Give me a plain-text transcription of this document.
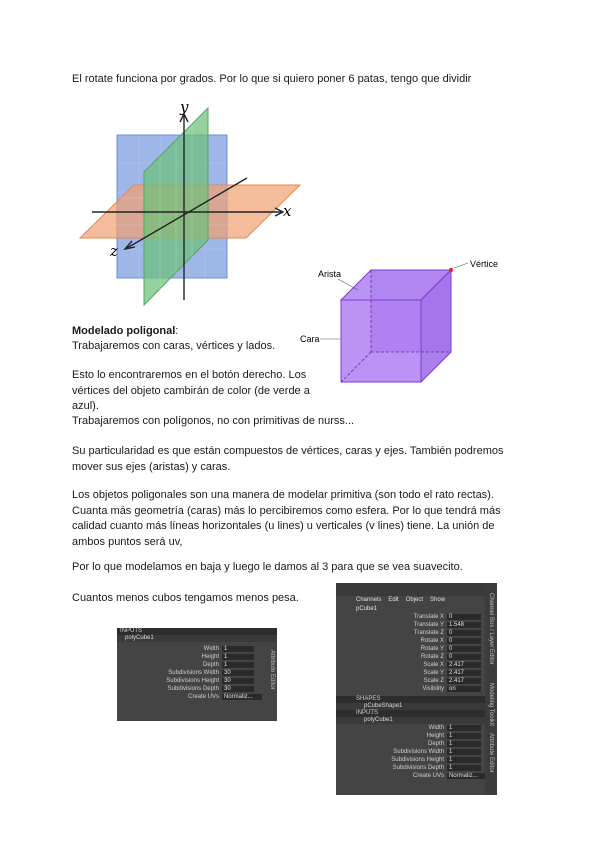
El rotate funciona por grados. Por lo que si quiero poner 6 patas, tengo que dividir

y
x
z
Arista
Vértice
Cara

Modelado poligonal:

Trabajaremos con caras, vértices y lados.

Esto lo encontraremos en el botón derecho. Los vértices del objeto cambirán de color (de verde a azul).

Trabajaremos con polígonos, no con primitivas de nurss...

Su particularidad es que están compuestos de vértices, caras y ejes. También podremos mover sus ejes (aristas) y caras.

Los objetos poligonales son una manera de modelar primitiva (son todo el rato rectas). Cuanta más geometría (caras) más lo percibiremos como esfera. Por lo que tendrá más calidad cuanto más líneas horizontales (u lines) u verticales (v lines) tiene. La unión de ambos puntos será uv,

Por lo que modelamos en baja y luego le damos al 3 para que se vea suavecito.

Cuantos menos cubos tengamos menos pesa.

INPUTS
polyCube1
Width 1
Height 1
Depth 1
Subdivisions Width 30
Subdivisions Height 30
Subdivisions Depth 30
Create UVs Normaliz...
Attribute Editor
Channels Edit Object Show
pCube1
Translate X 0
Translate Y 1.548
Translate Z 0
Rotate X 0
Rotate Y 0
Rotate Z 0
Scale X 2.417
Scale Y 2.417
Scale Z 2.417
Visibility on
SHAPES
pCubeShape1
INPUTS
polyCube1
Width 1
Height 1
Depth 1
Subdivisions Width 1
Subdivisions Height 1
Subdivisions Depth 1
Create UVs Normaliz...
Channel Box / Layer Editor
Modeling Toolkit
Attribute Editor
